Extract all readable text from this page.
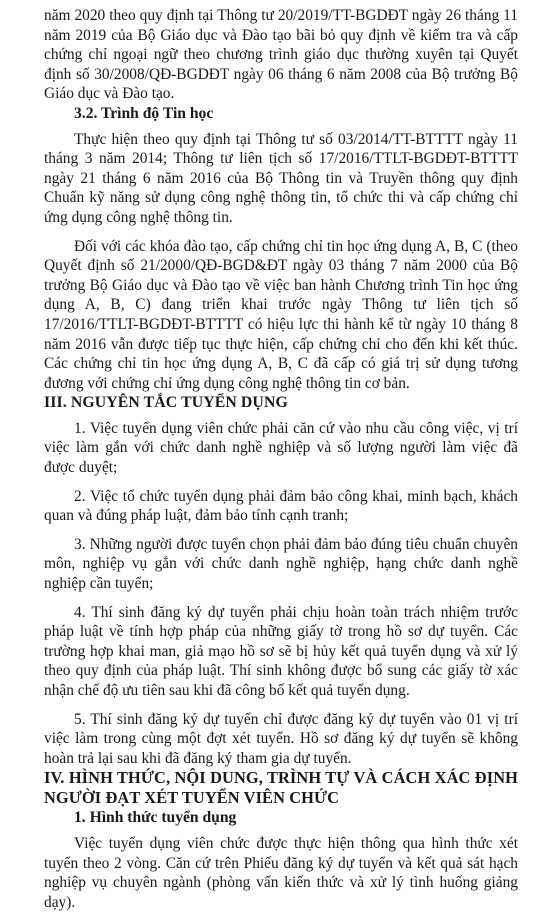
năm 2020 theo quy định tại Thông tư 20/2019/TT-BGDĐT ngày 26 tháng 11 năm 2019 của Bộ Giáo dục và Đào tạo bãi bỏ quy định về kiểm tra và cấp chứng chỉ ngoại ngữ theo chương trình giáo dục thường xuyên tại Quyết định số 30/2008/QĐ-BGDĐT ngày 06 tháng 6 năm 2008 của Bộ trưởng Bộ Giáo dục và Đào tạo.

3.2. Trình độ Tin học

Thực hiện theo quy định tại Thông tư số 03/2014/TT-BTTTT ngày 11 tháng 3 năm 2014; Thông tư liên tịch số 17/2016/TTLT-BGDĐT-BTTTT ngày 21 tháng 6 năm 2016 của Bộ Thông tin và Truyền thông quy định Chuẩn kỹ năng sử dụng công nghệ thông tin, tổ chức thi và cấp chứng chỉ ứng dụng công nghệ thông tin.

Đối với các khóa đào tạo, cấp chứng chỉ tin học ứng dụng A, B, C (theo Quyết định số 21/2000/QĐ-BGD&ĐT ngày 03 tháng 7 năm 2000 của Bộ trưởng Bộ Giáo dục và Đào tạo về việc ban hành Chương trình Tin học ứng dụng A, B, C) đang triển khai trước ngày Thông tư liên tịch số 17/2016/TTLT-BGDĐT-BTTTT có hiệu lực thi hành kể từ ngày 10 tháng 8 năm 2016 vẫn được tiếp tục thực hiện, cấp chứng chỉ cho đến khi kết thúc. Các chứng chỉ tin học ứng dụng A, B, C đã cấp có giá trị sử dụng tương đương với chứng chỉ ứng dụng công nghệ thông tin cơ bản.

III. NGUYÊN TẮC TUYỂN DỤNG

1. Việc tuyển dụng viên chức phải căn cứ vào nhu cầu công việc, vị trí việc làm gắn với chức danh nghề nghiệp và số lượng người làm việc đã được duyệt;

2. Việc tổ chức tuyển dụng phải đảm bảo công khai, minh bạch, khách quan và đúng pháp luật, đảm bảo tính cạnh tranh;

3. Những người được tuyển chọn phải đảm bảo đúng tiêu chuẩn chuyên môn, nghiệp vụ gắn với chức danh nghề nghiệp, hạng chức danh nghề nghiệp cần tuyển;

4. Thí sinh đăng ký dự tuyển phải chịu hoàn toàn trách nhiệm trước pháp luật về tính hợp pháp của những giấy tờ trong hồ sơ dự tuyển. Các trường hợp khai man, giả mạo hồ sơ sẽ bị hủy kết quả tuyển dụng và xử lý theo quy định của pháp luật. Thí sinh không được bổ sung các giấy tờ xác nhận chế độ ưu tiên sau khi đã công bố kết quả tuyển dụng.

5. Thí sinh đăng ký dự tuyển chỉ được đăng ký dự tuyển vào 01 vị trí việc làm trong cùng một đợt xét tuyển. Hồ sơ đăng ký dự tuyển sẽ không hoàn trả lại sau khi đã đăng ký tham gia dự tuyển.

IV. HÌNH THỨC, NỘI DUNG, TRÌNH TỰ VÀ CÁCH XÁC ĐỊNH NGƯỜI ĐẠT XÉT TUYỂN VIÊN CHỨC

1. Hình thức tuyển dụng

Việc tuyển dụng viên chức được thực hiện thông qua hình thức xét tuyển theo 2 vòng. Căn cứ trên Phiếu đăng ký dự tuyển và kết quả sát hạch nghiệp vụ chuyên ngành (phòng vấn kiến thức và xử lý tình huống giảng dạy).
